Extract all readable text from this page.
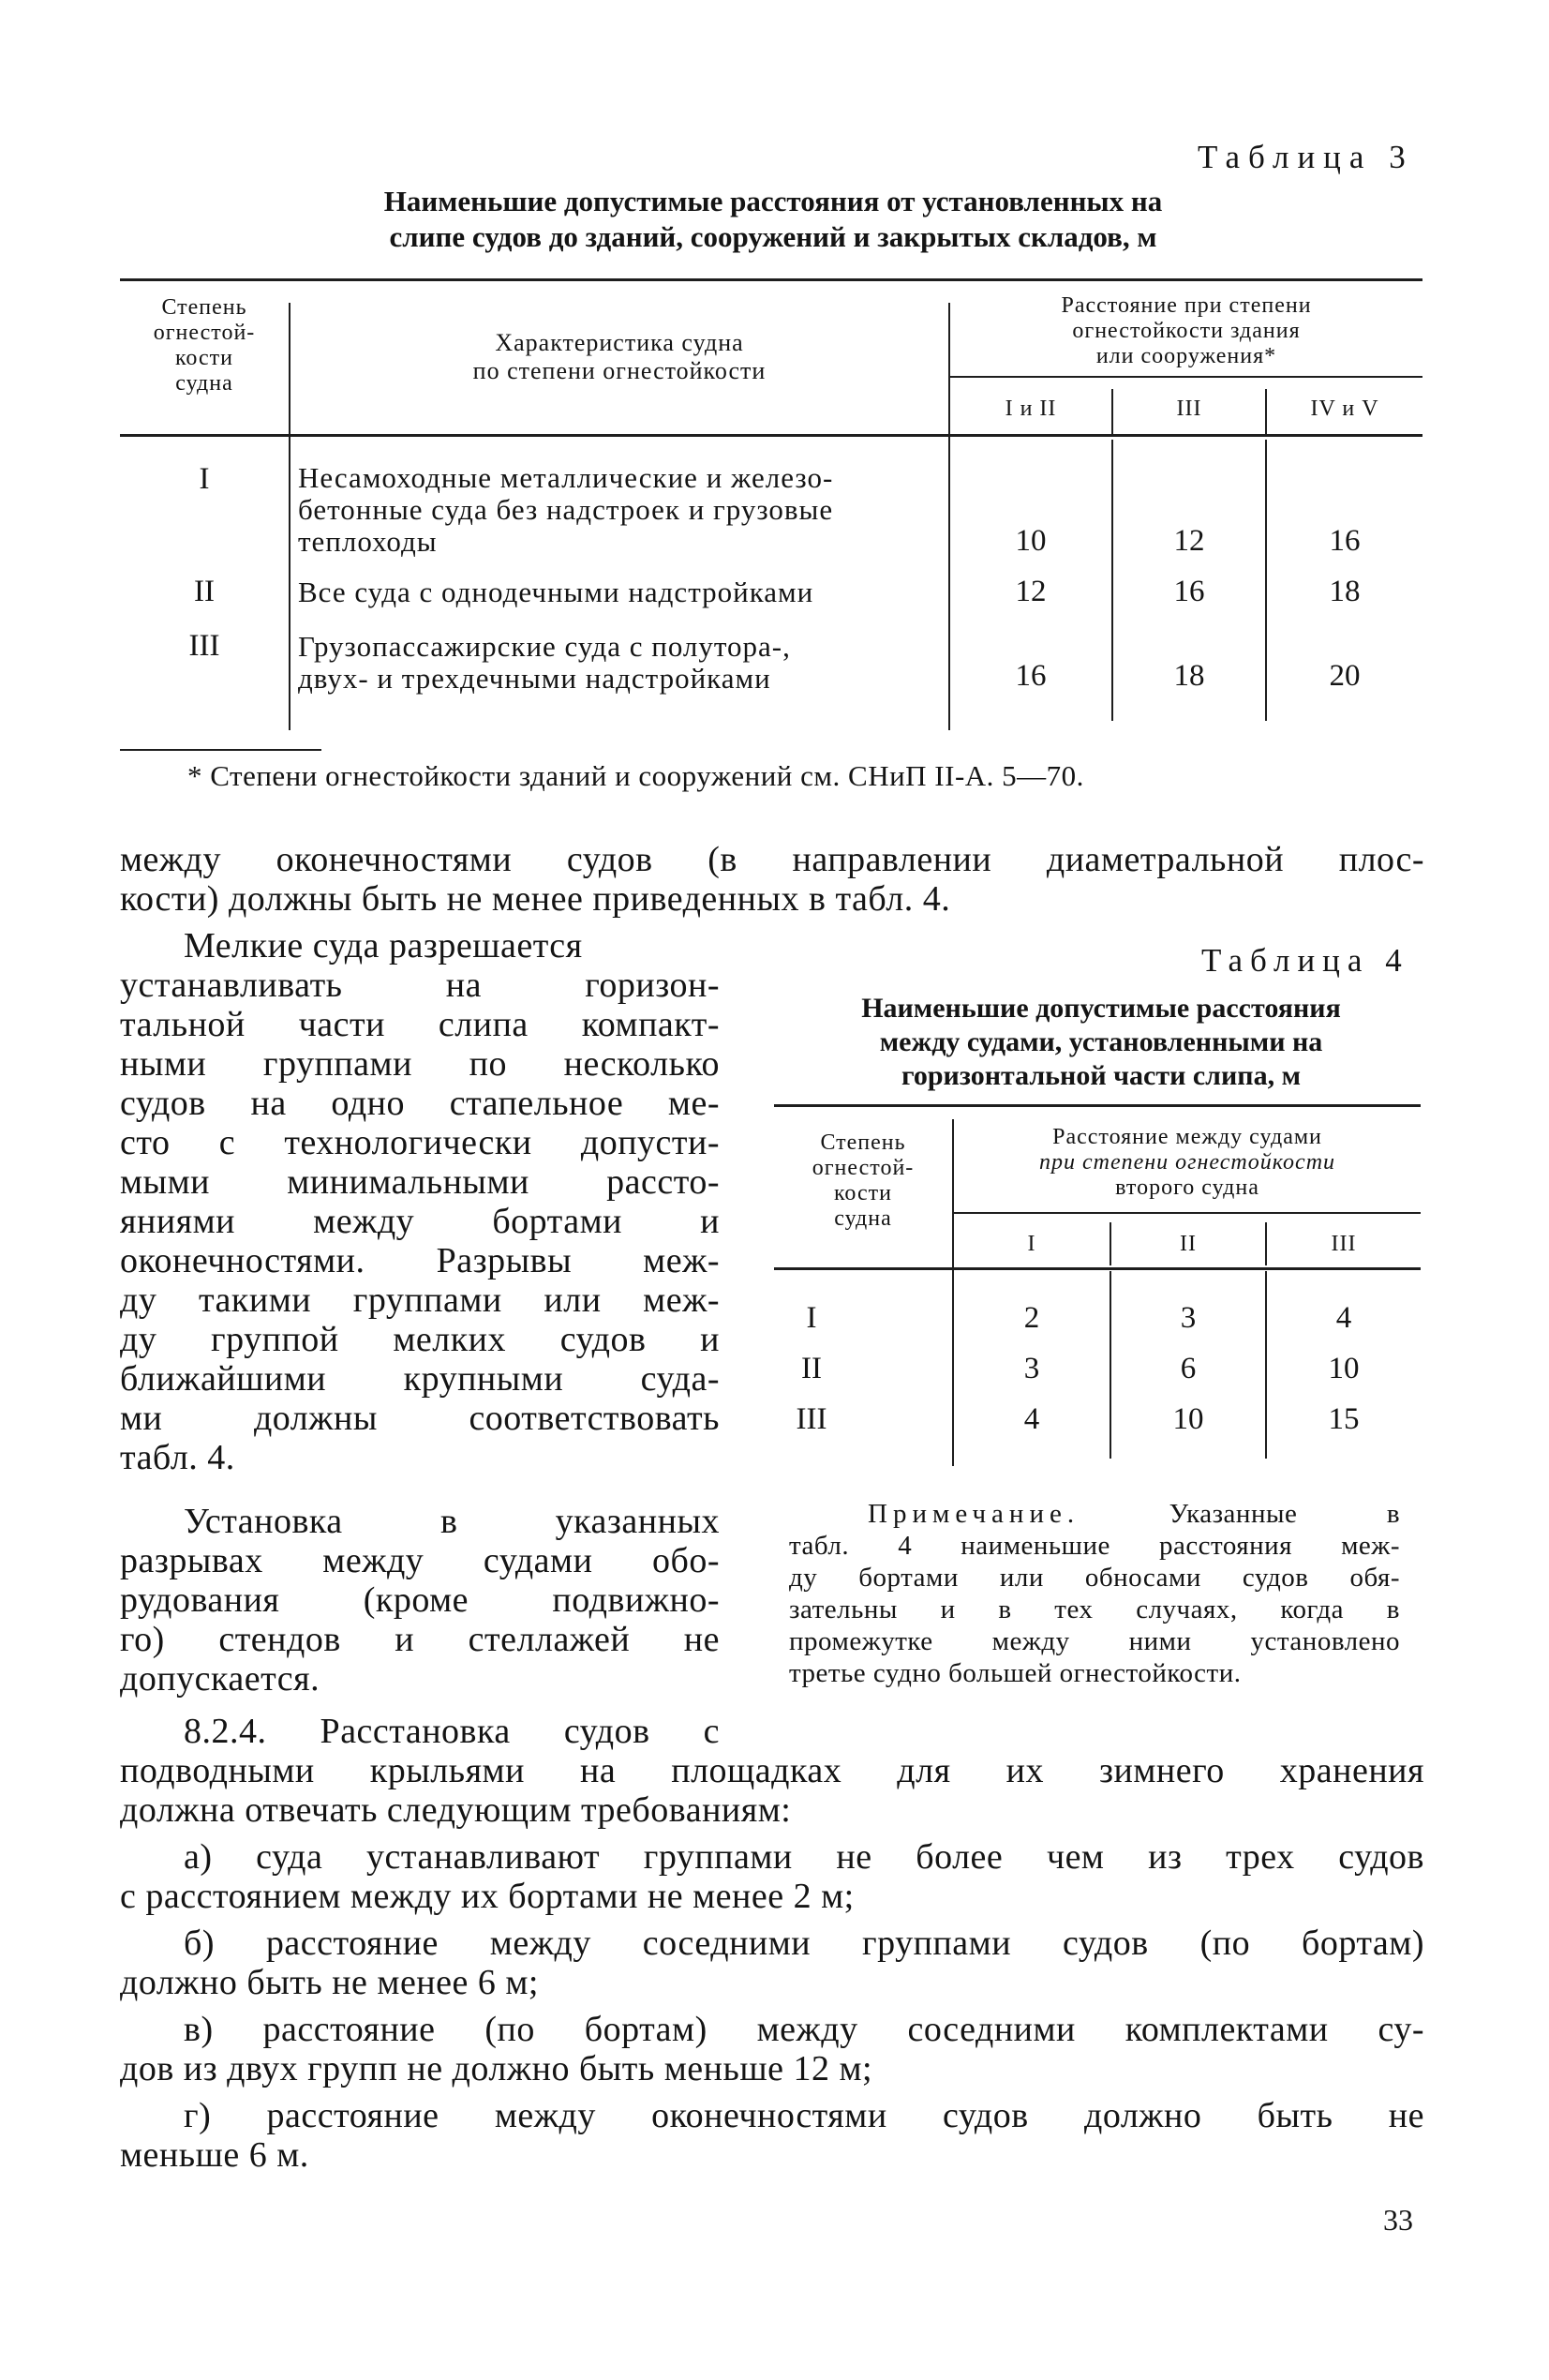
Таблица 3
Наименьшие допустимые расстояния от установленных на
слипе судов до зданий, сооружений и закрытых складов, м
Степень
огнестой-
кости
судна
Характеристика судна
по степени огнестойкости
Расстояние при степени
огнестойкости здания
или сооружения*
I и II	III	IV и V
I	Несамоходные металлические и железо-
бетонные суда без надстроек и грузовые
теплоходы	10	12	16
II	Все суда с однодечными надстройками	12	16	18
III	Грузопассажирские суда с полутора-,
двух- и трехдечными надстройками	16	18	20
* Степени огнестойкости зданий и сооружений см. СНиП II-А. 5—70.
между оконечностями судов (в направлении диаметральной плос-
кости) должны быть не менее приведенных в табл. 4.
Мелкие суда разрешается
устанавливать на горизон-
тальной части слипа компакт-
ными группами по несколько
судов на одно стапельное ме-
сто с технологически допусти-
мыми минимальными рассто-
яниями между бортами и
оконечностями. Разрывы меж-
ду такими группами или меж-
ду группой мелких судов и
ближайшими крупными суда-
ми должны соответствовать
табл. 4.
Установка в указанных
разрывах между судами обо-
рудования (кроме подвижно-
го) стендов и стеллажей не
допускается.
Таблица 4
Наименьшие допустимые расстояния
между судами, установленными на
горизонтальной части слипа, м
Степень
огнестой-
кости
судна
Расстояние между судами
при степени огнестойкости
второго судна
I	II	III
I	2	3	4
II	3	6	10
III	4	10	15
Примечание.	Указанные в
табл. 4 наименьшие расстояния меж-
ду бортами или обносами судов обя-
зательны и в тех случаях, когда в
промежутке между ними установлено
третье судно большей огнестойкости.
8.2.4. Расстановка судов с
подводными крыльями на площадках для их зимнего хранения
должна отвечать следующим требованиям:
а) суда устанавливают группами не более чем из трех судов
с расстоянием между их бортами не менее 2 м;
б) расстояние между соседними группами судов (по бортам)
должно быть не менее 6 м;
в) расстояние (по бортам) между соседними комплектами су-
дов из двух групп не должно быть меньше 12 м;
г) расстояние между оконечностями судов должно быть не
меньше 6 м.
33
